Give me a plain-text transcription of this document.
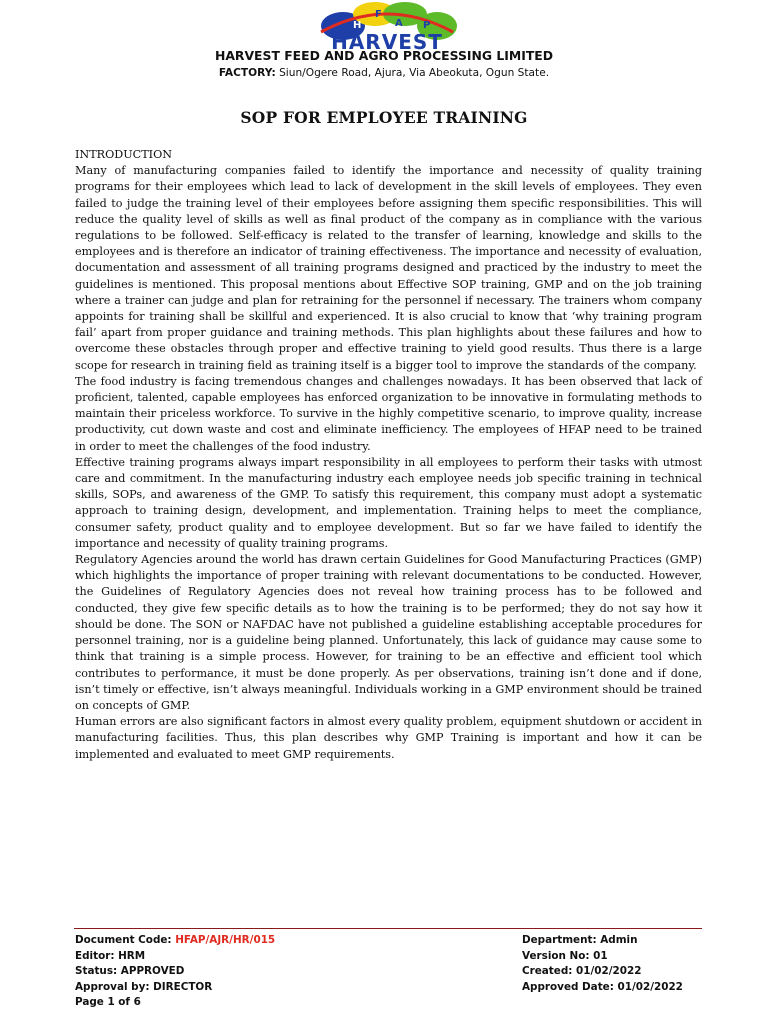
H
F
A P
HARVEST
HARVEST FEED AND AGRO PROCESSING LIMITED
FACTORY: Siun/Ogere Road, Ajura, Via Abeokuta, Ogun State.
SOP FOR EMPLOYEE TRAINING

INTRODUCTION

Many of manufacturing companies failed to identify the importance and necessity of quality training programs for their employees which lead to lack of development in the skill levels of employees. They even failed to judge the training level of their employees before assigning them specific responsibilities. This will reduce the quality level of skills as well as final product of the company as in compliance with the various regulations to be followed. Self-efficacy is related to the transfer of learning, knowledge and skills to the employees and is therefore an indicator of training effectiveness. The importance and necessity of evaluation, documentation and assessment of all training programs designed and practiced by the industry to meet the guidelines is mentioned. This proposal mentions about Effective SOP training, GMP and on the job training where a trainer can judge and plan for retraining for the personnel if necessary. The trainers whom company appoints for training shall be skillful and experienced. It is also crucial to know that ‘why training program fail’ apart from proper guidance and training methods. This plan highlights about these failures and how to overcome these obstacles through proper and effective training to yield good results. Thus there is a large scope for research in training field as training itself is a bigger tool to improve the standards of the company.

The food industry is facing tremendous changes and challenges nowadays. It has been observed that lack of proficient, talented, capable employees has enforced organization to be innovative in formulating methods to maintain their priceless workforce. To survive in the highly competitive scenario, to improve quality, increase productivity, cut down waste and cost and eliminate inefficiency. The employees of HFAP need to be trained in order to meet the challenges of the food industry.

Effective training programs always impart responsibility in all employees to perform their tasks with utmost care and commitment. In the manufacturing industry each employee needs job specific training in technical skills, SOPs, and awareness of the GMP. To satisfy this requirement, this company must adopt a systematic approach to training design, development, and implementation. Training helps to meet the compliance, consumer safety, product quality and to employee development. But so far we have failed to identify the importance and necessity of quality training programs.

Regulatory Agencies around the world has drawn certain Guidelines for Good Manufacturing Practices (GMP) which highlights the importance of proper training with relevant documentations to be conducted. However, the Guidelines of Regulatory Agencies does not reveal how training process has to be followed and conducted, they give few specific details as to how the training is to be performed; they do not say how it should be done. The SON or NAFDAC have not published a guideline establishing acceptable procedures for personnel training, nor is a guideline being planned. Unfortunately, this lack of guidance may cause some to think that training is a simple process. However, for training to be an effective and efficient tool which contributes to performance, it must be done properly. As per observations, training isn’t done and if done, isn’t timely or effective, isn’t always meaningful. Individuals working in a GMP environment should be trained on concepts of GMP.

Human errors are also significant factors in almost every quality problem, equipment shutdown or accident in manufacturing facilities. Thus, this plan describes why GMP Training is important and how it can be implemented and evaluated to meet GMP requirements.

Document Code: HFAP/AJR/HR/015	Department: Admin
Editor: HRM	Version No: 01
Status: APPROVED	Created: 01/02/2022
Approval by: DIRECTOR	Approved Date: 01/02/2022
Page 1 of 6
